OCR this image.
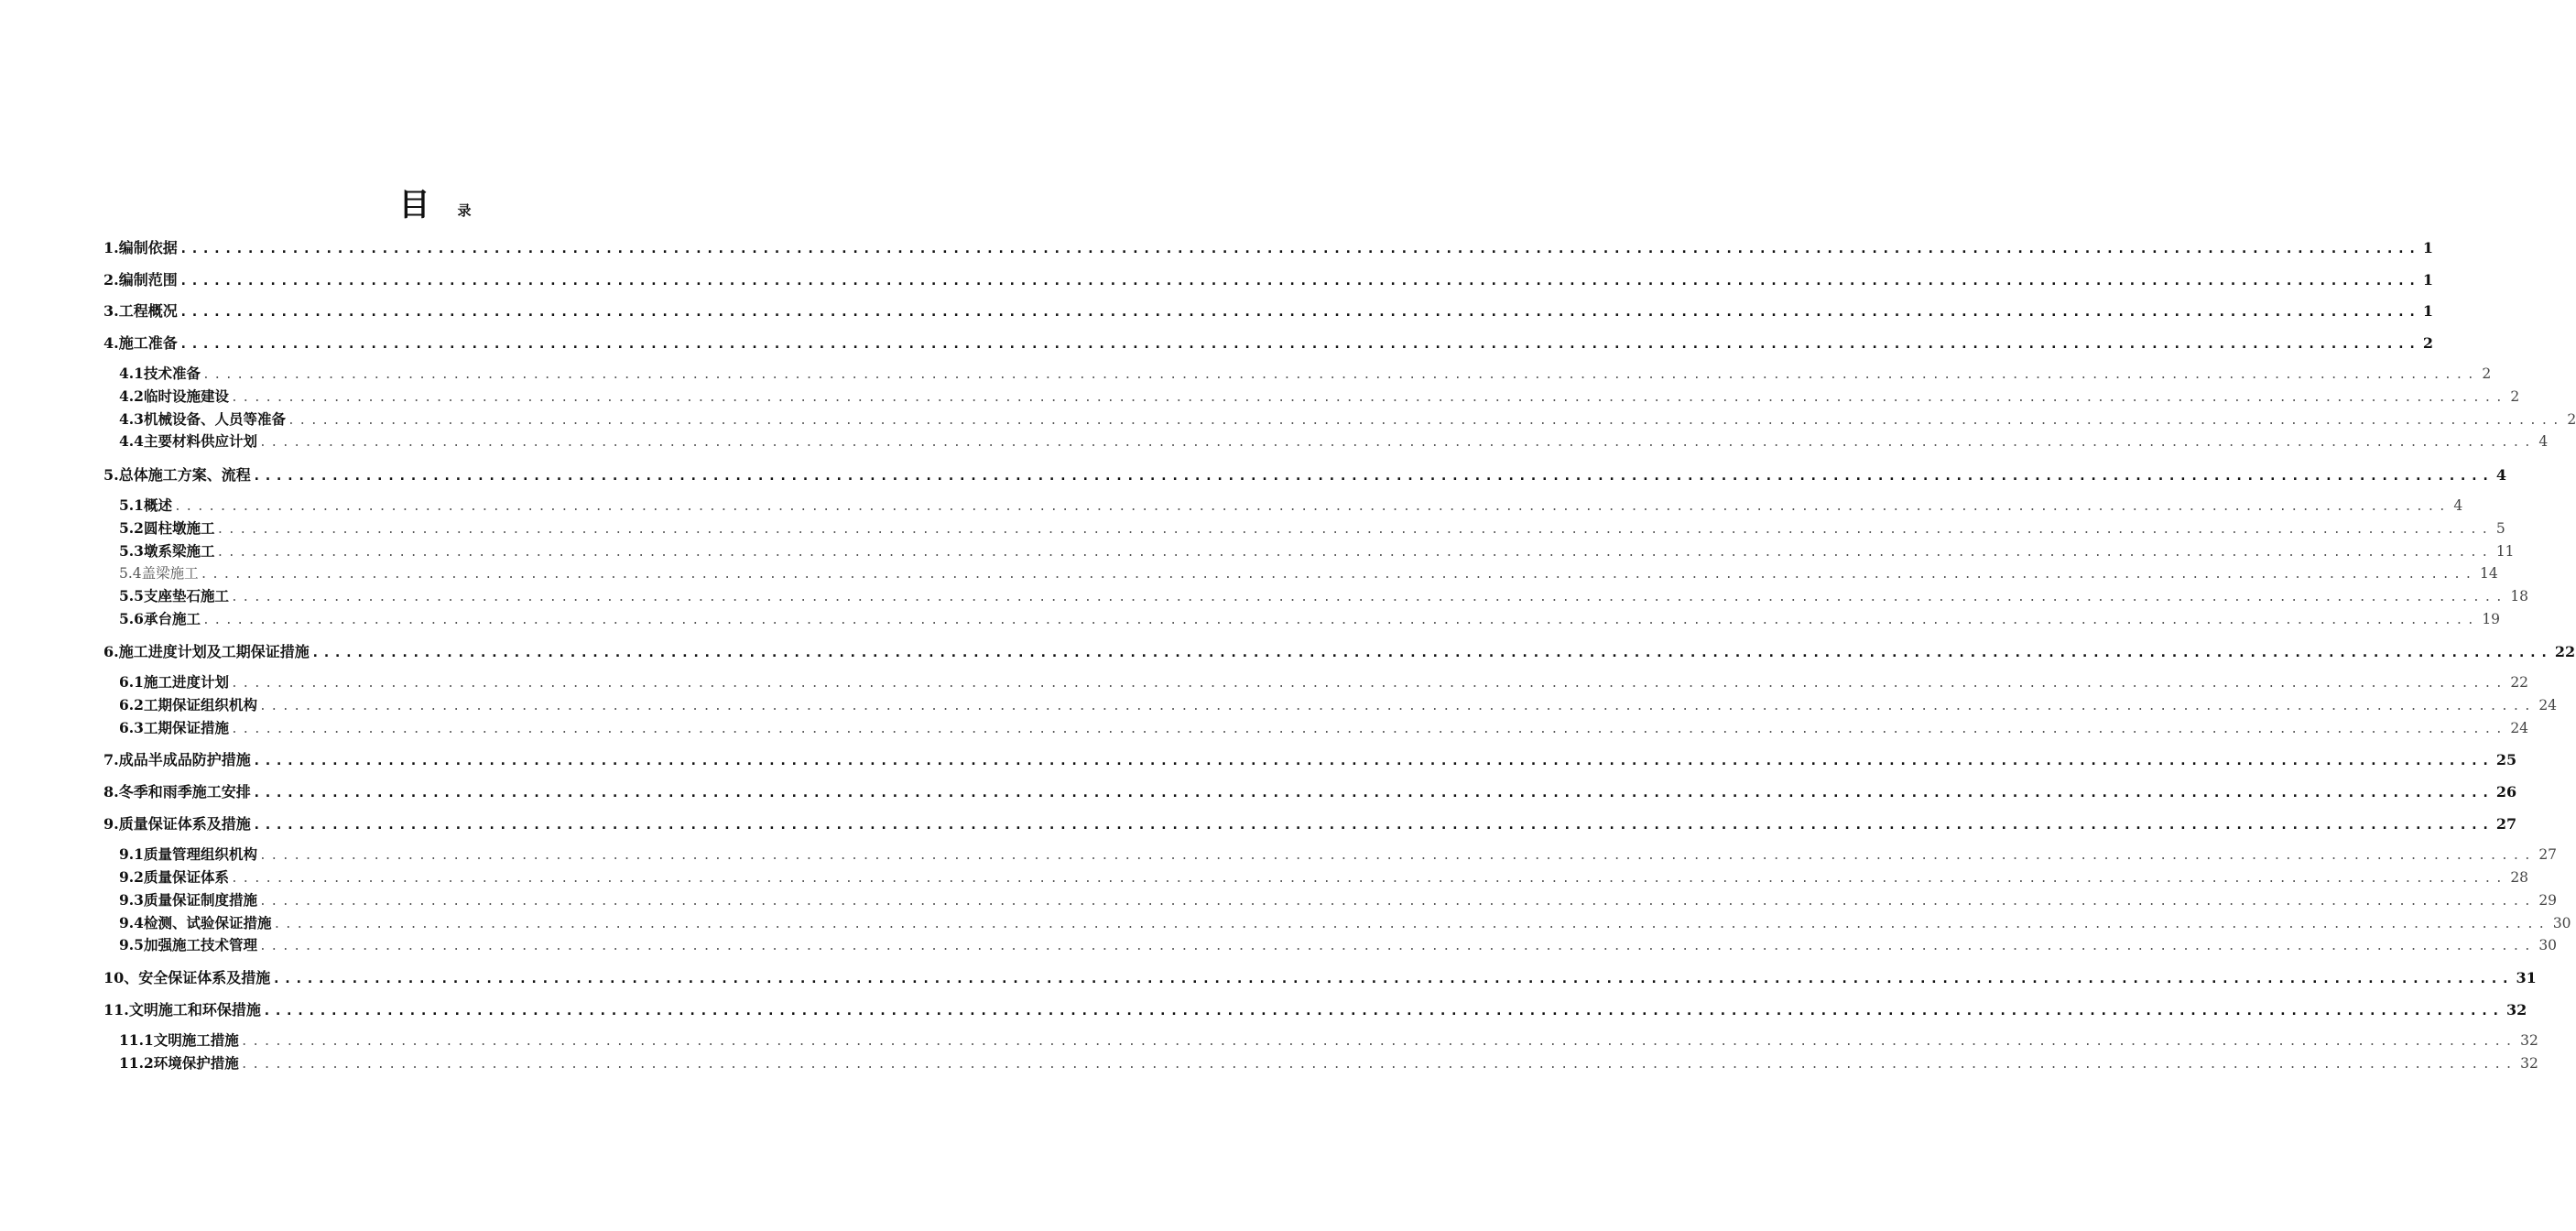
目 录
1.编制依据 ........................................................................................................................................................................................................ 1
2.编制范围 ........................................................................................................................................................................................................ 1
3.工程概况 ........................................................................................................................................................................................................ 1
4.施工准备 ........................................................................................................................................................................................................ 2
4.1技术准备 ........................................................................................................................................................................................................ 2
4.2临时设施建设 ........................................................................................................................................................................................................ 2
4.3机械设备、人员等准备 ........................................................................................................................................................................................................ 2
4.4主要材料供应计划 ........................................................................................................................................................................................................ 4
5.总体施工方案、流程 ........................................................................................................................................................................................................ 4
5.1概述 ........................................................................................................................................................................................................ 4
5.2圆柱墩施工 ........................................................................................................................................................................................................ 5
5.3墩系梁施工 ........................................................................................................................................................................................................ 11
5.4盖梁施工 ........................................................................................................................................................................................................ 14
5.5支座垫石施工 ........................................................................................................................................................................................................ 18
5.6承台施工 ........................................................................................................................................................................................................ 19
6.施工进度计划及工期保证措施 ........................................................................................................................................................................................................ 22
6.1施工进度计划 ........................................................................................................................................................................................................ 22
6.2工期保证组织机构 ........................................................................................................................................................................................................ 24
6.3工期保证措施 ........................................................................................................................................................................................................ 24
7.成品半成品防护措施 ........................................................................................................................................................................................................ 25
8.冬季和雨季施工安排 ........................................................................................................................................................................................................ 26
9.质量保证体系及措施 ........................................................................................................................................................................................................ 27
9.1质量管理组织机构 ........................................................................................................................................................................................................ 27
9.2质量保证体系 ........................................................................................................................................................................................................ 28
9.3质量保证制度措施 ........................................................................................................................................................................................................ 29
9.4检测、试验保证措施 ........................................................................................................................................................................................................ 30
9.5加强施工技术管理 ........................................................................................................................................................................................................ 30
10、安全保证体系及措施 ........................................................................................................................................................................................................ 31
11.文明施工和环保措施 ........................................................................................................................................................................................................ 32
11.1文明施工措施 ........................................................................................................................................................................................................ 32
11.2环境保护措施 ........................................................................................................................................................................................................ 32
